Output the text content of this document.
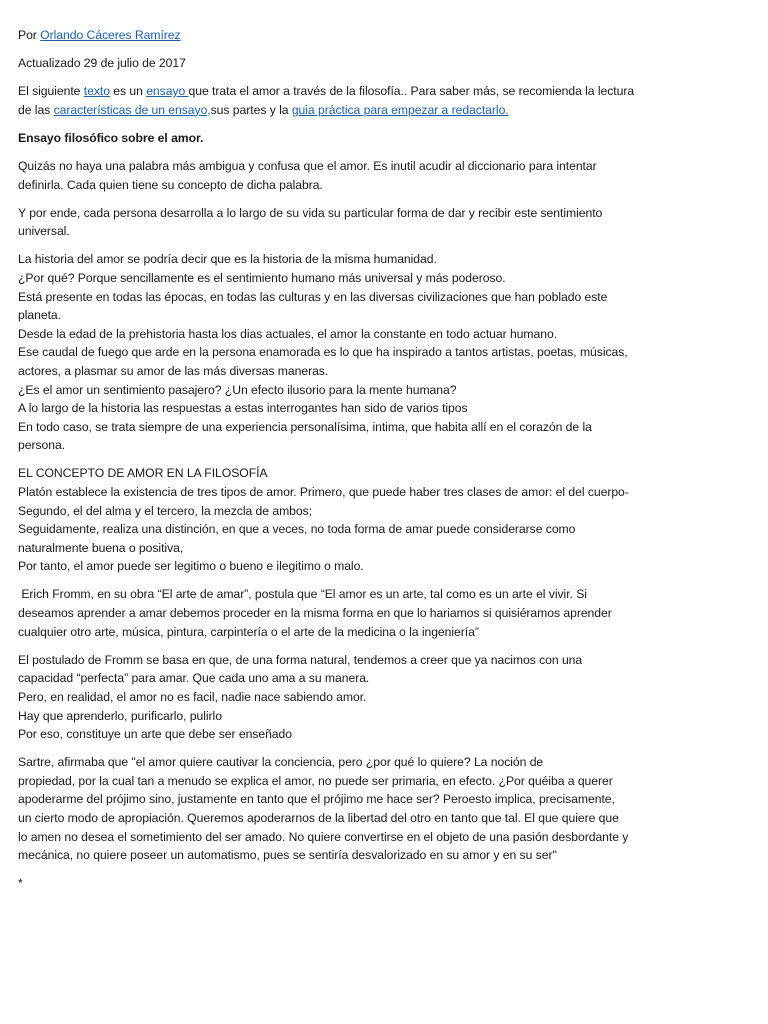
Por Orlando Cáceres Ramírez
Actualizado 29 de julio de 2017
El siguiente texto es un ensayo que trata el amor a través de la filosofía.. Para saber más, se recomienda la lectura
de las características de un ensayo,sus partes y la guia práctica para empezar a redactarlo.
Ensayo filosófico sobre el amor.
Quizás no haya una palabra más ambigua y confusa que el amor. Es inutil acudir al diccionario para intentar
definirla. Cada quien tiene su concepto de dicha palabra.
Y por ende, cada persona desarrolla a lo largo de su vida su particular forma de dar y recibir este sentimiento
universal.
La historia del amor se podría decir que es la historia de la misma humanidad.
¿Por qué? Porque sencillamente es el sentimiento humano más universal y más poderoso.
Está presente en todas las épocas, en todas las culturas y en las diversas civilizaciones que han poblado este
planeta.
Desde la edad de la prehistoria hasta los dias actuales, el amor la constante en todo actuar humano.
Ese caudal de fuego que arde en la persona enamorada es lo que ha inspirado a tantos artistas, poetas, músicas,
actores, a plasmar su amor de las más diversas maneras.
¿Es el amor un sentimiento pasajero? ¿Un efecto ilusorio para la mente humana?
A lo largo de la historia las respuestas a estas interrogantes han sido de varios tipos
En todo caso, se trata siempre de una experiencia personalísima, intima, que habita allí en el corazón de la
persona.
EL CONCEPTO DE AMOR EN LA FILOSOFÍA
Platón establece la existencia de tres tipos de amor. Primero, que puede haber tres clases de amor: el del cuerpo-
Segundo, el del alma y el tercero, la mezcla de ambos;
Seguidamente, realiza una distinción, en que a veces, no toda forma de amar puede considerarse como
naturalmente buena o positiva,
Por tanto, el amor puede ser legitimo o bueno e ilegitimo o malo.
Erich Fromm, en su obra “El arte de amar”, postula que “El amor es un arte, tal como es un arte el vivir. Si
deseamos aprender a amar debemos proceder en la misma forma en que lo hariamos si quisiéramos aprender
cualquier otro arte, música, pintura, carpintería o el arte de la medicina o la ingeniería”
El postulado de Fromm se basa en que, de una forma natural, tendemos a creer que ya nacimos con una
capacidad “perfecta” para amar. Que cada uno ama a su manera.
Pero, en realidad, el amor no es facil, nadie nace sabiendo amor.
Hay que aprenderlo, purificarlo, pulirlo
Por eso, constituye un arte que debe ser enseñado
Sartre, afirmaba que "el amor quiere cautivar la conciencia, pero ¿por qué lo quiere? La noción de
propiedad, por la cual tan a menudo se explica el amor, no puede ser primaria, en efecto. ¿Por quéiba a querer
apoderarme del prójimo sino, justamente en tanto que el prójimo me hace ser? Peroesto implica, precisamente,
un cierto modo de apropiación. Queremos apoderarnos de la libertad del otro en tanto que tal. El que quiere que
lo amen no desea el sometimiento del ser amado. No quiere convertirse en el objeto de una pasión desbordante y
mecánica, no quiere poseer un automatismo, pues se sentiría desvalorizado en su amor y en su ser"
*
